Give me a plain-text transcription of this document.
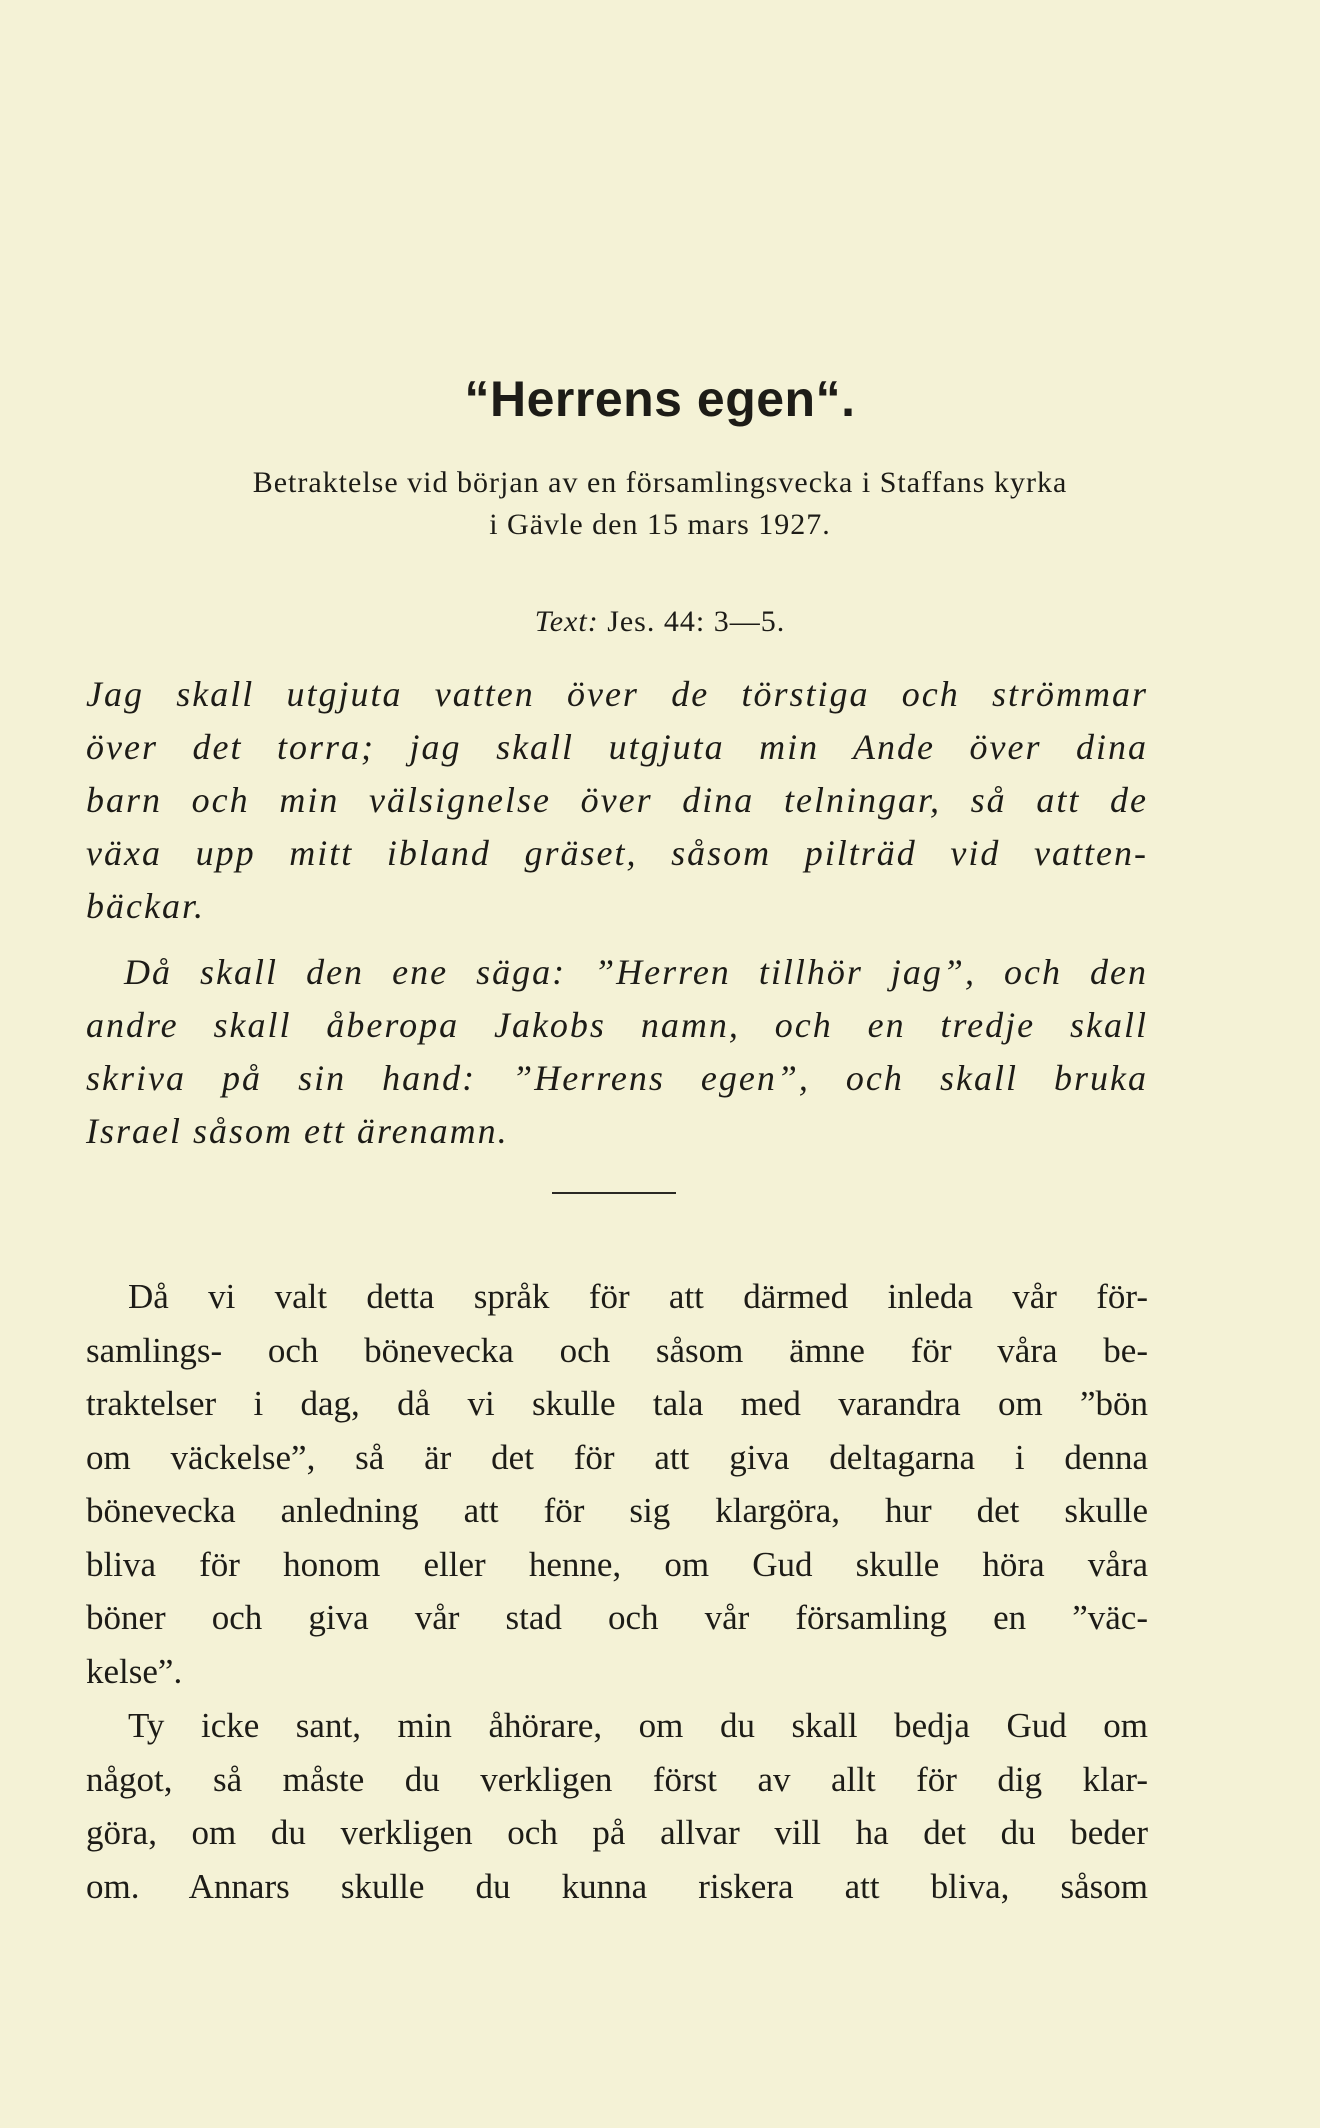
“Herrens egen“.
Betraktelse vid början av en församlingsvecka i Staffans kyrka
i Gävle den 15 mars 1927.
Text: Jes. 44: 3—5.
Jag skall utgjuta vatten över de törstiga och strömmar
över det torra; jag skall utgjuta min Ande över dina
barn och min välsignelse över dina telningar, så att de
växa upp mitt ibland gräset, såsom pilträd vid vatten-
bäckar.
Då skall den ene säga: ”Herren tillhör jag”, och den
andre skall åberopa Jakobs namn, och en tredje skall
skriva på sin hand: ”Herrens egen”, och skall bruka
Israel såsom ett ärenamn.
Då vi valt detta språk för att därmed inleda vår för-
samlings- och bönevecka och såsom ämne för våra be-
traktelser i dag, då vi skulle tala med varandra om ”bön
om väckelse”, så är det för att giva deltagarna i denna
bönevecka anledning att för sig klargöra, hur det skulle
bliva för honom eller henne, om Gud skulle höra våra
böner och giva vår stad och vår församling en ”väc-
kelse”.
Ty icke sant, min åhörare, om du skall bedja Gud om
något, så måste du verkligen först av allt för dig klar-
göra, om du verkligen och på allvar vill ha det du beder
om. Annars skulle du kunna riskera att bliva, såsom
